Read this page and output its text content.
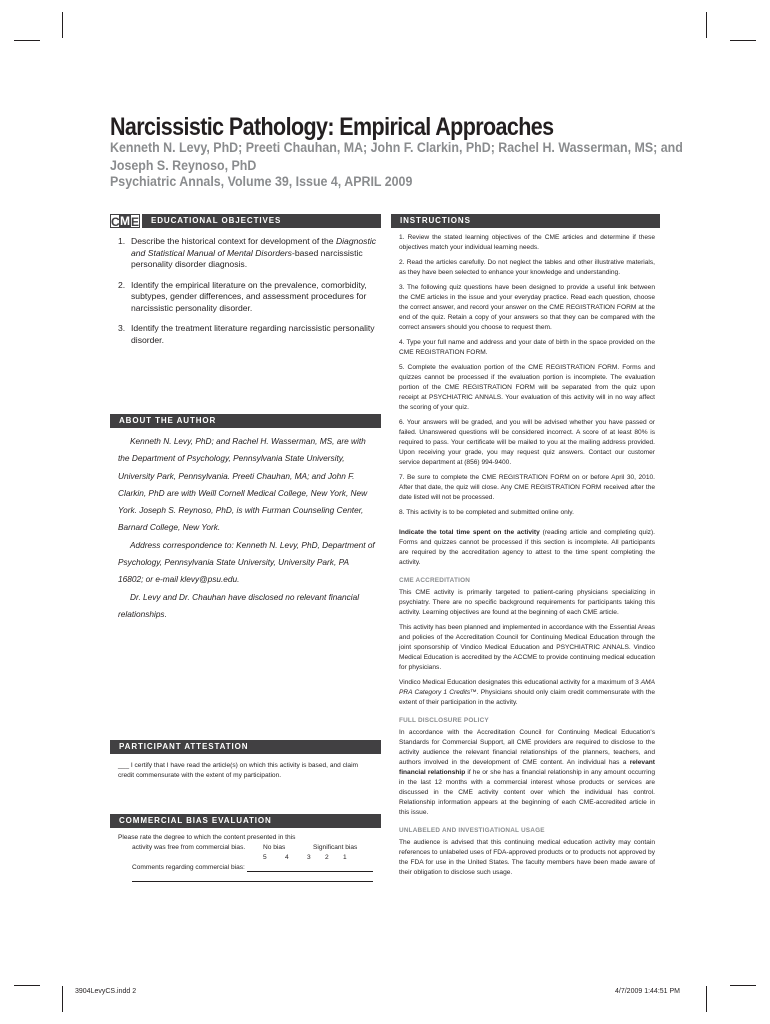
Narcissistic Pathology: Empirical Approaches
Kenneth N. Levy, PhD; Preeti Chauhan, MA; John F. Clarkin, PhD; Rachel H. Wasserman, MS; and Joseph S. Reynoso, PhD
Psychiatric Annals, Volume 39, Issue 4, APRIL 2009
C M E	EDUCATIONAL OBJECTIVES
1. Describe the historical context for development of the Diagnostic and Statistical Manual of Mental Disorders-based narcissistic personality disorder diagnosis.
2. Identify the empirical literature on the prevalence, comorbidity, subtypes, gender differences, and assessment procedures for narcissistic personality disorder.
3. Identify the treatment literature regarding narcissistic personality disorder.
ABOUT THE AUTHOR

Kenneth N. Levy, PhD; and Rachel H. Wasserman, MS, are with the Department of Psychology, Pennsylvania State University, University Park, Pennsylvania. Preeti Chauhan, MA; and John F. Clarkin, PhD are with Weill Cornell Medical College, New York, New York. Joseph S. Reynoso, PhD, is with Furman Counseling Center, Barnard College, New York.

Address correspondence to: Kenneth N. Levy, PhD, Department of Psychology, Pennsylvania State University, University Park, PA 16802; or e-mail klevy@psu.edu.

Dr. Levy and Dr. Chauhan have disclosed no relevant financial relationships.

PARTICIPANT ATTESTATION
___ I certify that I have read the article(s) on which this activity is based, and claim credit commensurate with the extent of my participation.
COMMERCIAL BIAS EVALUATION
Please rate the degree to which the content presented in this
activity was free from commercial bias.	No bias	Significant bias
5	4	3	2	1
Comments regarding commercial bias:
INSTRUCTIONS

1. Review the stated learning objectives of the CME articles and determine if these objectives match your individual learning needs.

2. Read the articles carefully. Do not neglect the tables and other illustrative materials, as they have been selected to enhance your knowledge and understanding.

3. The following quiz questions have been designed to provide a useful link between the CME articles in the issue and your everyday practice. Read each question, choose the correct answer, and record your answer on the CME REGISTRATION FORM at the end of the quiz. Retain a copy of your answers so that they can be compared with the correct answers should you choose to request them.

4. Type your full name and address and your date of birth in the space provided on the CME REGISTRATION FORM.

5. Complete the evaluation portion of the CME REGISTRATION FORM. Forms and quizzes cannot be processed if the evaluation portion is incomplete. The evaluation portion of the CME REGISTRATION FORM will be separated from the quiz upon receipt at PSYCHIATRIC ANNALS. Your evaluation of this activity will in no way affect the scoring of your quiz.

6. Your answers will be graded, and you will be advised whether you have passed or failed. Unanswered questions will be considered incorrect. A score of at least 80% is required to pass. Your certificate will be mailed to you at the mailing address provided. Upon receiving your grade, you may request quiz answers. Contact our customer service department at (856) 994-9400.

7. Be sure to complete the CME REGISTRATION FORM on or before April 30, 2010. After that date, the quiz will close. Any CME REGISTRATION FORM received after the date listed will not be processed.

8. This activity is to be completed and submitted online only.

Indicate the total time spent on the activity (reading article and completing quiz). Forms and quizzes cannot be processed if this section is incomplete. All participants are required by the accreditation agency to attest to the time spent completing the activity.

CME ACCREDITATION

This CME activity is primarily targeted to patient-caring physicians specializing in psychiatry. There are no specific background requirements for participants taking this activity. Learning objectives are found at the beginning of each CME article.

This activity has been planned and implemented in accordance with the Essential Areas and policies of the Accreditation Council for Continuing Medical Education through the joint sponsorship of Vindico Medical Education and PSYCHIATRIC ANNALS. Vindico Medical Education is accredited by the ACCME to provide continuing medical education for physicians.

Vindico Medical Education designates this educational activity for a maximum of 3 AMA PRA Category 1 Credits™. Physicians should only claim credit commensurate with the extent of their participation in the activity.

FULL DISCLOSURE POLICY

In accordance with the Accreditation Council for Continuing Medical Education's Standards for Commercial Support, all CME providers are required to disclose to the activity audience the relevant financial relationships of the planners, teachers, and authors involved in the development of CME content. An individual has a relevant financial relationship if he or she has a financial relationship in any amount occurring in the last 12 months with a commercial interest whose products or services are discussed in the CME activity content over which the individual has control. Relationship information appears at the beginning of each CME-accredited article in this issue.

UNLABELED AND INVESTIGATIONAL USAGE

The audience is advised that this continuing medical education activity may contain references to unlabeled uses of FDA-approved products or to products not approved by the FDA for use in the United States. The faculty members have been made aware of their obligation to disclose such usage.

3904LevyCS.indd 2	4/7/2009 1:44:51 PM
